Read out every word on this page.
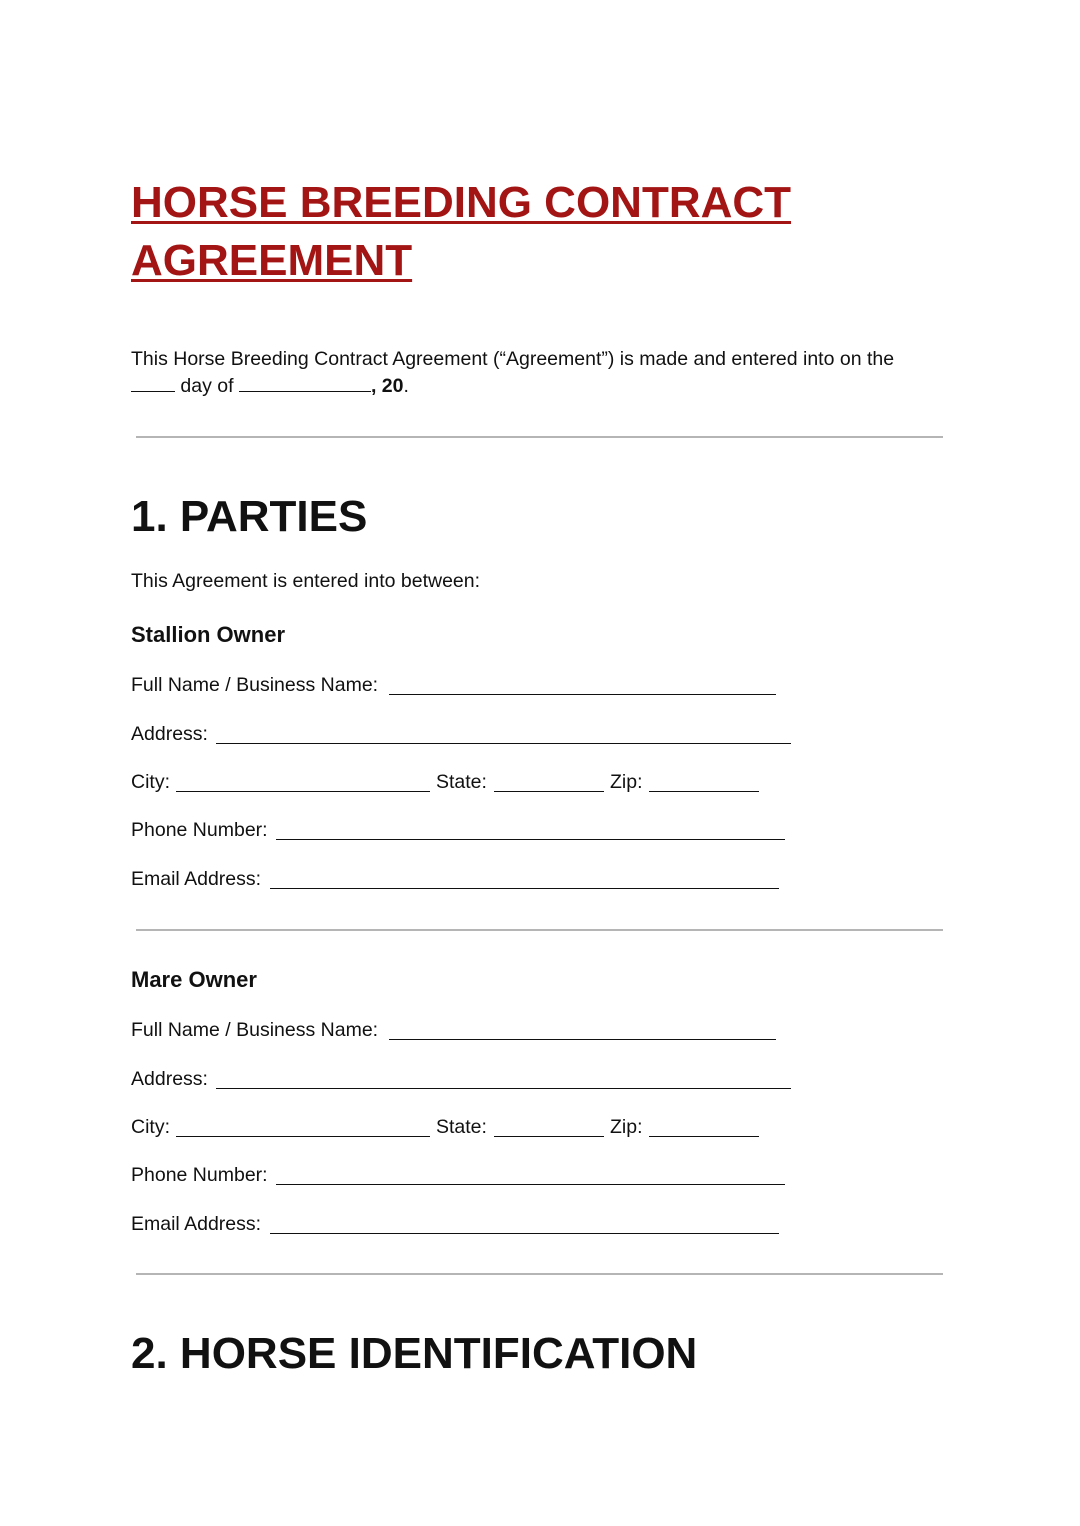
HORSE BREEDING CONTRACT
AGREEMENT

This Horse Breeding Contract Agreement (“Agreement”) is made and entered into on the
day of	, 20.

1. PARTIES

This Agreement is entered into between:

Stallion Owner
Full Name / Business Name:
Address:
City:	State:	Zip:
Phone Number:
Email Address:
Mare Owner
Full Name / Business Name:
Address:
City:	State:	Zip:
Phone Number:
Email Address:
2. HORSE IDENTIFICATION
